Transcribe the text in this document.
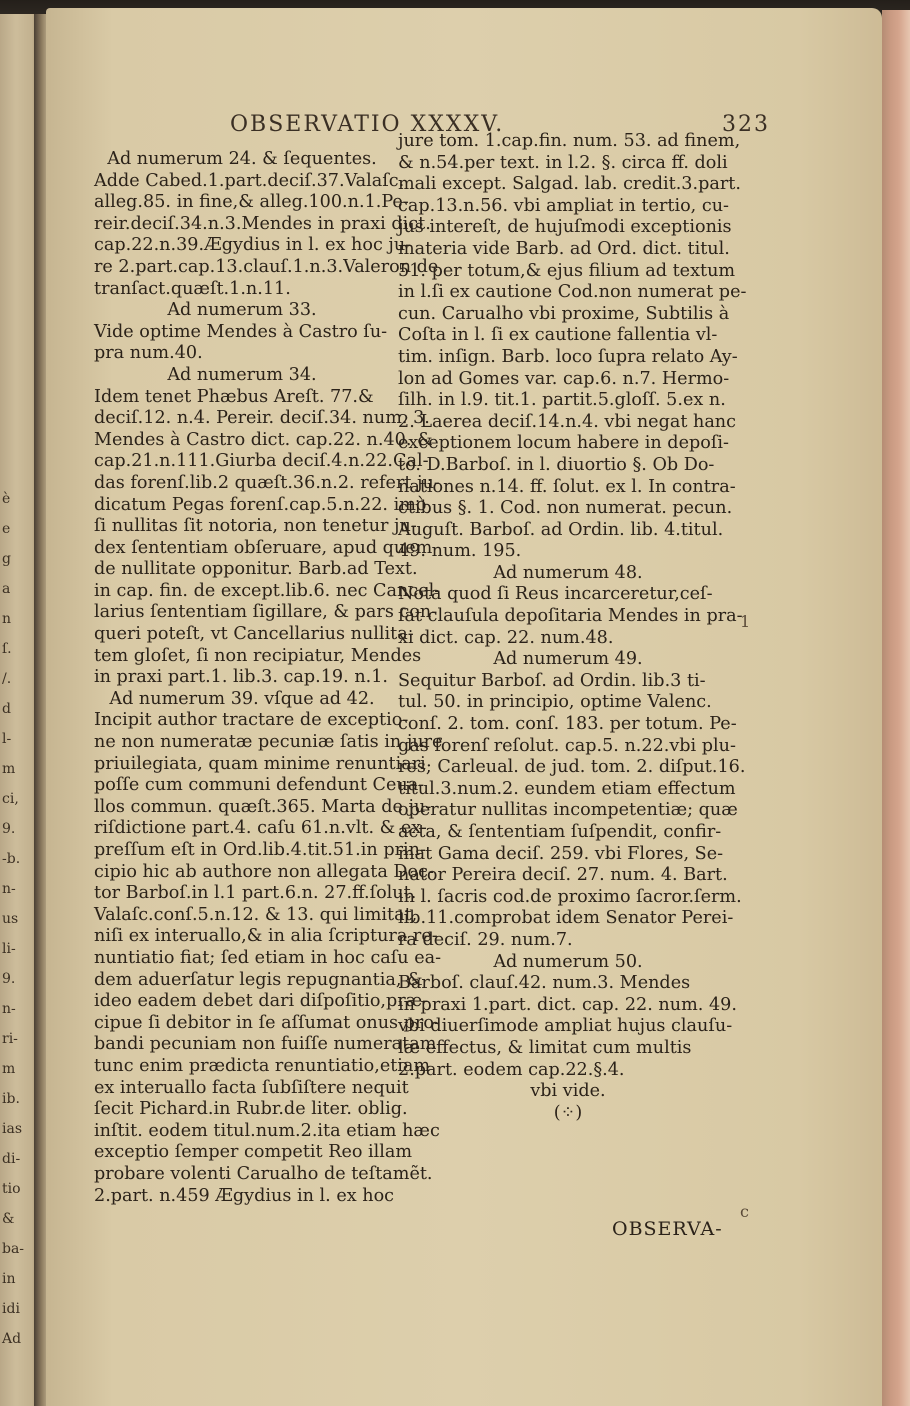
è
e
g
a
n
ſ.
/.
d
l-
m
ci,
9.
-b.
n-
us
li-
9.
n-
ri-
m
ib.
ias
di-
tio
&
ba-
in
idi
Ad
OBSERVATIO XXXXV.	323
Ad numerum 24. & ſequentes.
Adde Cabed.1.part.deciſ.37.Valaſc.
alleg.85. in fine,& alleg.100.n.1.Pe-
reir.deciſ.34.n.3.Mendes in praxi dict.
cap.22.n.39.Ægydius in l. ex hoc ju-
re 2.part.cap.13.clauſ.1.n.3.Valeron de
tranſact.quæſt.1.n.11.
Ad numerum 33.
Vide optime Mendes à Castro ſu-
pra num.40.
Ad numerum 34.
Idem tenet Phæbus Areſt. 77.&
deciſ.12. n.4. Pereir. deciſ.34. num. 3.
Mendes à Castro dict. cap.22. n.40. &
cap.21.n.111.Giurba deciſ.4.n.22.Cal-
das forenſ.lib.2 quæſt.36.n.2. refert ju-
dicatum Pegas forenſ.cap.5.n.22. imò
ſi nullitas ſit notoria, non tenetur ju-
dex ſententiam obſeruare, apud quem
de nullitate opponitur. Barb.ad Text.
in cap. fin. de except.lib.6. nec Cancel-
larius ſententiam ſigillare, & pars con-
queri poteſt, vt Cancellarius nullita-
tem gloſet, ſi non recipiatur, Mendes
in praxi part.1. lib.3. cap.19. n.1.
Ad numerum 39. vſque ad 42.
Incipit author tractare de exceptio-
ne non numeratæ pecuniæ ſatis in jure
priuilegiata, quam minime renuntiari
poſſe cum communi defendunt Ceua-
llos commun. quæſt.365. Marta de ju-
riſdictione part.4. caſu 61.n.vlt. & ex-
preſſum eſt in Ord.lib.4.tit.51.in prin-
cipio hic ab authore non allegata Doc-
tor Barboſ.in l.1 part.6.n. 27.ff.ſolut.
Valaſc.conſ.5.n.12. & 13. qui limitat,
niſi ex interuallo,& in alia ſcriptura re-
nuntiatio fiat; ſed etiam in hoc caſu ea-
dem aduerſatur legis repugnantia, &
ideo eadem debet dari diſpoſitio,præ-
cipue ſi debitor in ſe aſſumat onus pro-
bandi pecuniam non fuiſſe numeratam
tunc enim prædicta renuntiatio,etiam
ex interuallo facta ſubſiſtere nequit
ſecit Pichard.in Rubr.de liter. oblig.
inſtit. eodem titul.num.2.ita etiam hæc
exceptio ſemper competit Reo illam
probare volenti Carualho de teſtamẽt.
2.part. n.459 Ægydius in l. ex hoc
jure tom. 1.cap.fin. num. 53. ad finem,
& n.54.per text. in l.2. §. circa ff. doli
mali except. Salgad. lab. credit.3.part.
cap.13.n.56. vbi ampliat in tertio, cu-
jus intereſt, de hujuſmodi exceptionis
materia vide Barb. ad Ord. dict. titul.
51. per totum,& ejus filium ad textum
in l.ſi ex cautione Cod.non numerat pe-
cun. Carualho vbi proxime, Subtilis à
Coſta in l. ſi ex cautione fallentia vl-
tim. inſign. Barb. loco ſupra relato Ay-
lon ad Gomes var. cap.6. n.7. Hermo-
ſilh. in l.9. tit.1. partit.5.gloſſ. 5.ex n.
2. Laerea deciſ.14.n.4. vbi negat hanc
exceptionem locum habere in depoſi-
to. D.Barboſ. in l. diuortio §. Ob Do-
nationes n.14. ff. ſolut. ex l. In contra-
ctibus §. 1. Cod. non numerat. pecun.
Auguſt. Barboſ. ad Ordin. lib. 4.titul.
49. num. 195.
Ad numerum 48.
Nota quod ſi Reus incarceretur,ceſ-
ſat clauſula depoſitaria Mendes in pra-
xi dict. cap. 22. num.48.
Ad numerum 49.
Sequitur Barboſ. ad Ordin. lib.3 ti-
tul. 50. in principio, optime Valenc.
conſ. 2. tom. conſ. 183. per totum. Pe-
gas forenſ reſolut. cap.5. n.22.vbi plu-
res; Carleual. de jud. tom. 2. diſput.16.
titul.3.num.2. eundem etiam effectum
operatur nullitas incompetentiæ; quæ
acta, & ſententiam ſuſpendit, confir-
mat Gama deciſ. 259. vbi Flores, Se-
nator Pereira deciſ. 27. num. 4. Bart.
in l. ſacris cod.de proximo ſacror.ſerm.
lib.11.comprobat idem Senator Perei-
ra deciſ. 29. num.7.
Ad numerum 50.
Barboſ. clauſ.42. num.3. Mendes
in praxi 1.part. dict. cap. 22. num. 49.
vbi diuerſimode ampliat hujus clauſu-
læ effectus, & limitat cum multis
2.part. eodem cap.22.§.4.
vbi vide.
(⁘)
OBSERVA-
1
c
